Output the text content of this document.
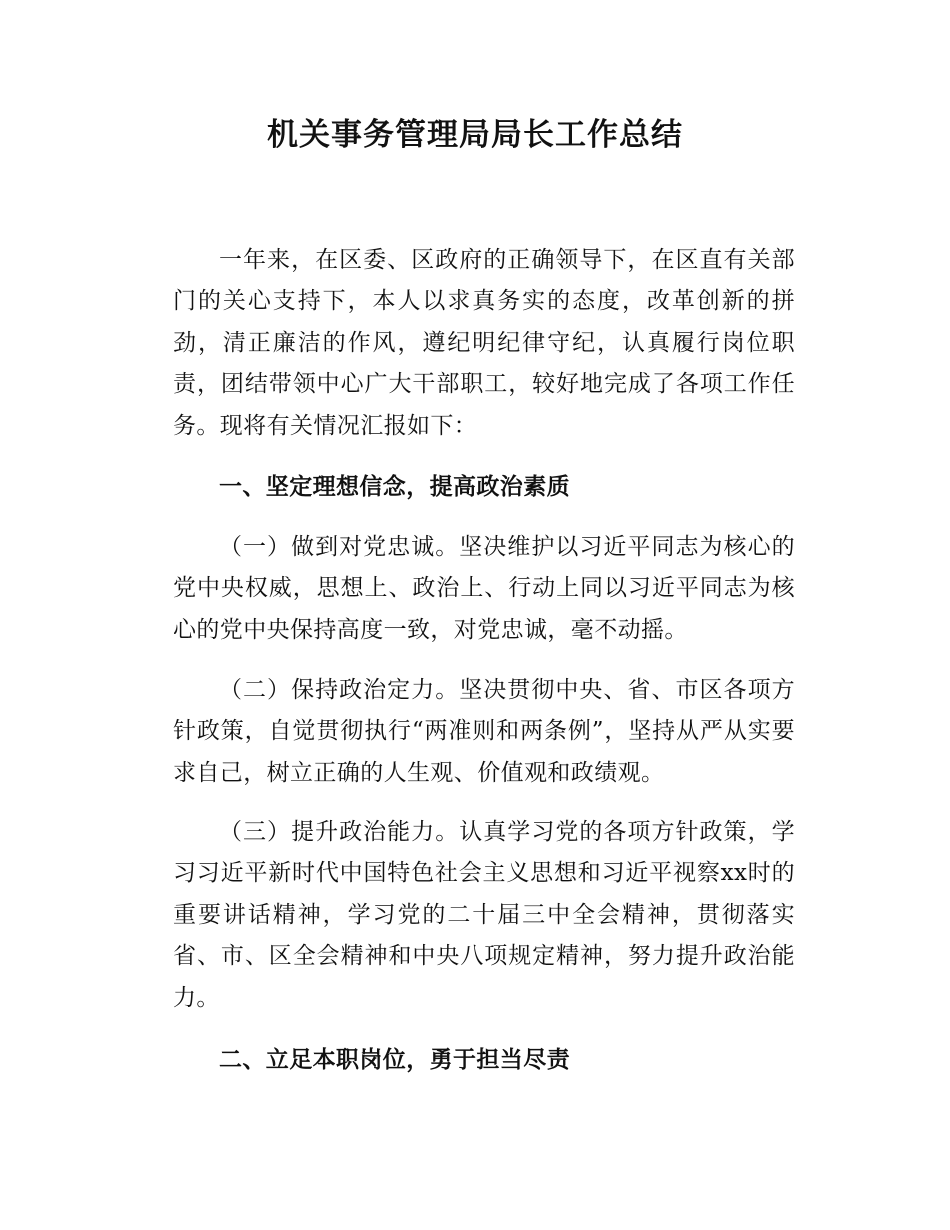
机关事务管理局局长工作总结

一年来，在区委、区政府的正确领导下，在区直有关部门的关心支持下，本人以求真务实的态度，改革创新的拼劲，清正廉洁的作风，遵纪明纪律守纪，认真履行岗位职责，团结带领中心广大干部职工，较好地完成了各项工作任务。现将有关情况汇报如下：

一、坚定理想信念，提高政治素质

（一）做到对党忠诚。坚决维护以习近平同志为核心的党中央权威，思想上、政治上、行动上同以习近平同志为核心的党中央保持高度一致，对党忠诚，毫不动摇。

（二）保持政治定力。坚决贯彻中央、省、市区各项方针政策，自觉贯彻执行“两准则和两条例”，坚持从严从实要求自己，树立正确的人生观、价值观和政绩观。

（三）提升政治能力。认真学习党的各项方针政策，学习习近平新时代中国特色社会主义思想和习近平视察xx时的重要讲话精神，学习党的二十届三中全会精神，贯彻落实省、市、区全会精神和中央八项规定精神，努力提升政治能力。

二、立足本职岗位，勇于担当尽责
